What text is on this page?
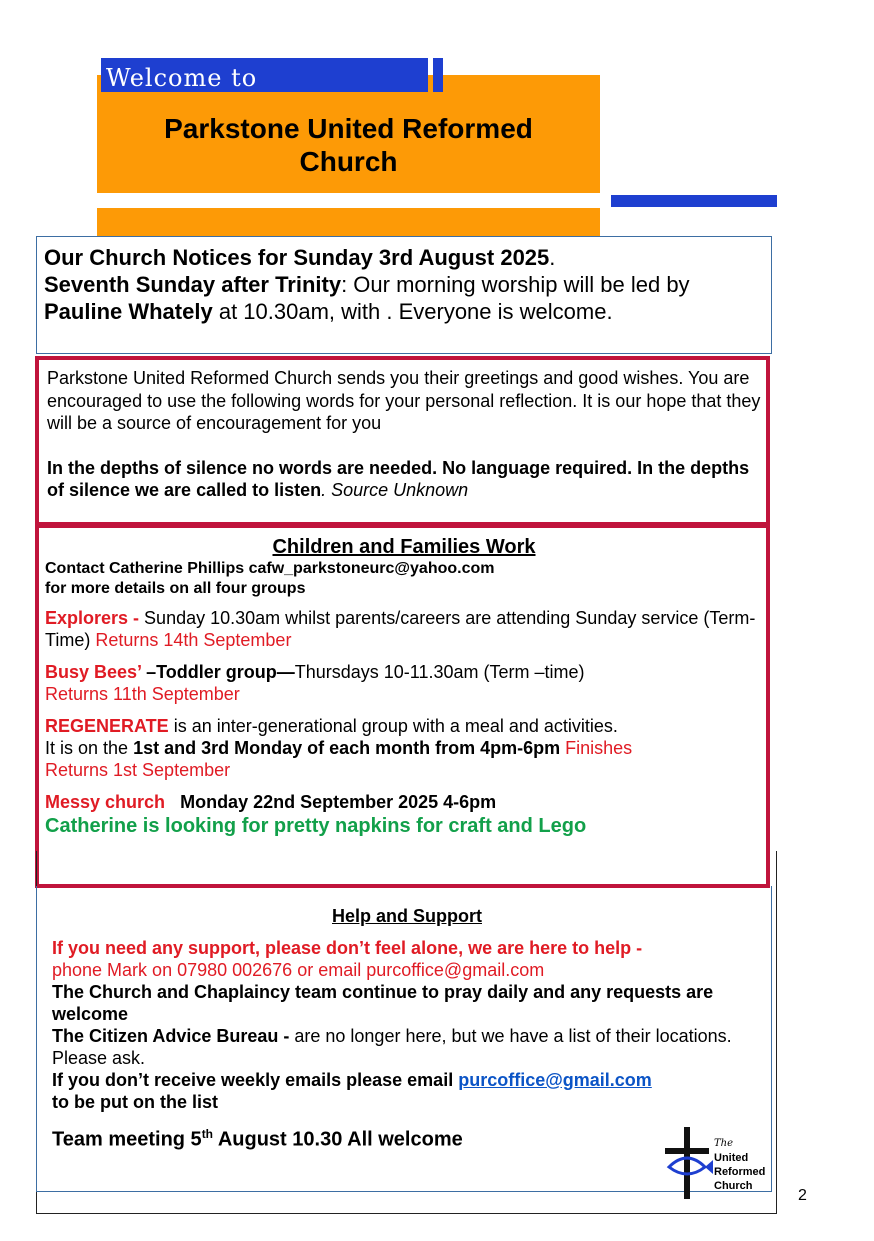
Welcome to
Parkstone United Reformed
Church
Our Church Notices for Sunday 3rd August 2025.
Seventh Sunday after Trinity: Our morning worship will be led by Pauline Whately at 10.30am, with . Everyone is welcome.
Parkstone United Reformed Church sends you their greetings and good wishes. You are encouraged to use the following words for your personal reflection. It is our hope that they will be a source of encouragement for you
In the depths of silence no words are needed. No language required. In the depths of silence we are called to listen. Source Unknown
Children and Families Work
Contact Catherine Phillips cafw_parkstoneurc@yahoo.com
for more details on all four groups
Explorers - Sunday 10.30am whilst parents/careers are attending Sunday service (Term-Time) Returns 14th September
Busy Bees’ –Toddler group—Thursdays 10-11.30am (Term –time)
Returns 11th September
REGENERATE is an inter-generational group with a meal and activities.
It is on the 1st and 3rd Monday of each month from 4pm-6pm Finishes
Returns 1st September
Messy church Monday 22nd September 2025 4-6pm
Catherine is looking for pretty napkins for craft and Lego
Help and Support
If you need any support, please don’t feel alone, we are here to help -
phone Mark on 07980 002676 or email purcoffice@gmail.com
The Church and Chaplaincy team continue to pray daily and any requests are welcome
The Citizen Advice Bureau - are no longer here, but we have a list of their locations. Please ask.
If you don’t receive weekly emails please email purcoffice@gmail.com
to be put on the list
Team meeting 5th August 10.30 All welcome	The
United
Reformed
Church
2
